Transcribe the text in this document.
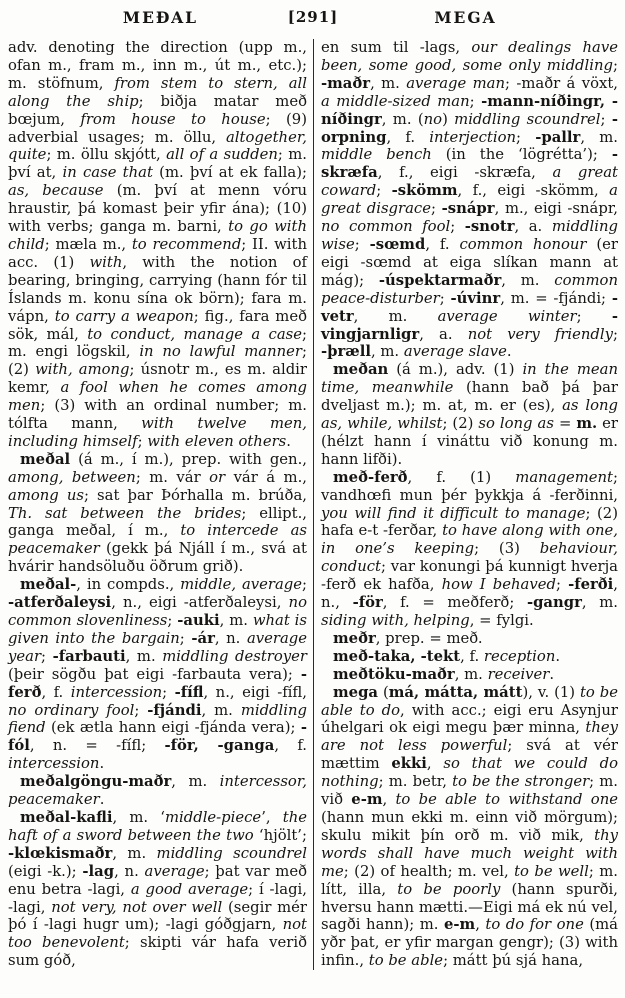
MEÐAL	[291]	MEGA

adv. denoting the direction (upp m., ofan m., fram m., inn m., út m., etc.); m. stöfnum, from stem to stern, all along the ship; biðja matar með bœjum, from house to house; (9) adverbial usages; m. öllu, altogether, quite; m. öllu skjótt, all of a sudden; m. því at, in case that (m. því at ek falla); as, because (m. því at menn vóru hraustir, þá komast þeir yfir ána); (10) with verbs; ganga m. barni, to go with child; mæla m., to recommend; II. with acc. (1) with, with the notion of bearing, bringing, carrying (hann fór til Íslands m. konu sína ok börn); fara m. vápn, to carry a weapon; fig., fara með sök, mál, to conduct, manage a case; m. engi lögskil, in no lawful manner; (2) with, among; úsnotr m., es m. aldir kemr, a fool when he comes among men; (3) with an ordinal number; m. tólfta mann, with twelve men, including himself; with eleven others.

meðal (á m., í m.), prep. with gen., among, between; m. vár or vár á m., among us; sat þar Þórhalla m. brúða, Th. sat between the brides; ellipt., ganga meðal, í m., to intercede as peacemaker (gekk þá Njáll í m., svá at hvárir handsöluðu öðrum grið).

meðal-, in compds., middle, average; -atferðaleysi, n., eigi -atferðaleysi, no common slovenliness; -auki, m. what is given into the bargain; -ár, n. average year; -farbauti, m. middling destroyer (þeir sögðu þat eigi -farbauta vera); -ferð, f. intercession; -fífl, n., eigi -fífl, no ordinary fool; -fjándi, m. middling fiend (ek ætla hann eigi -fjánda vera); -fól, n. = -fífl; -för, -ganga, f. intercession.

meðalgöngu-maðr, m. intercessor, peacemaker.

meðal-kafli, m. ‘middle-piece’, the haft of a sword between the two ‘hjölt’; -klœkismaðr, m. middling scoundrel (eigi -k.); -lag, n. average; þat var með enu betra -lagi, a good average; í -lagi, -lagi, not very, not over well (segir mér þó í -lagi hugr um); -lagi góðgjarn, not too benevolent; skipti vár hafa verið sum góð,

en sum til -lags, our dealings have been, some good, some only middling; -maðr, m. average man; -maðr á vöxt, a middle-sized man; -mann-níðingr, -níðingr, m. (no) middling scoundrel; -orpning, f. interjection; -pallr, m. middle bench (in the ‘lögrétta’); -skræfa, f., eigi -skræfa, a great coward; -skömm, f., eigi -skömm, a great disgrace; -snápr, m., eigi -snápr, no common fool; -snotr, a. middling wise; -sœmd, f. common honour (er eigi -sœmd at eiga slíkan mann at mág); -úspektarmaðr, m. common peace-disturber; -úvinr, m. = -fjándi; -vetr, m. average winter; -vingjarnligr, a. not very friendly; -þræll, m. average slave.

meðan (á m.), adv. (1) in the mean time, meanwhile (hann bað þá þar dveljast m.); m. at, m. er (es), as long as, while, whilst; (2) so long as = m. er (hélzt hann í vináttu við konung m. hann lifði).

með-ferð, f. (1) management; vandhœfi mun þér þykkja á -ferðinni, you will find it difficult to manage; (2) hafa e-t -ferðar, to have along with one, in one’s keeping; (3) behaviour, conduct; var konungi þá kunnigt hverja -ferð ek hafða, how I behaved; -ferði, n., -för, f. = meðferð; -gangr, m. siding with, helping, = fylgi.

meðr, prep. = með.

með-taka, -tekt, f. reception.

meðtöku-maðr, m. receiver.

mega (má, mátta, mátt), v. (1) to be able to do, with acc.; eigi eru Asynjur úhelgari ok eigi megu þær minna, they are not less powerful; svá at vér mættim ekki, so that we could do nothing; m. betr, to be the stronger; m. við e-m, to be able to withstand one (hann mun ekki m. einn við mörgum); skulu mikit þín orð m. við mik, thy words shall have much weight with me; (2) of health; m. vel, to be well; m. lítt, illa, to be poorly (hann spurði, hversu hann mætti.—Eigi má ek nú vel, sagði hann); m. e-m, to do for one (má yðr þat, er yfir margan gengr); (3) with infin., to be able; mátt þú sjá hana,
